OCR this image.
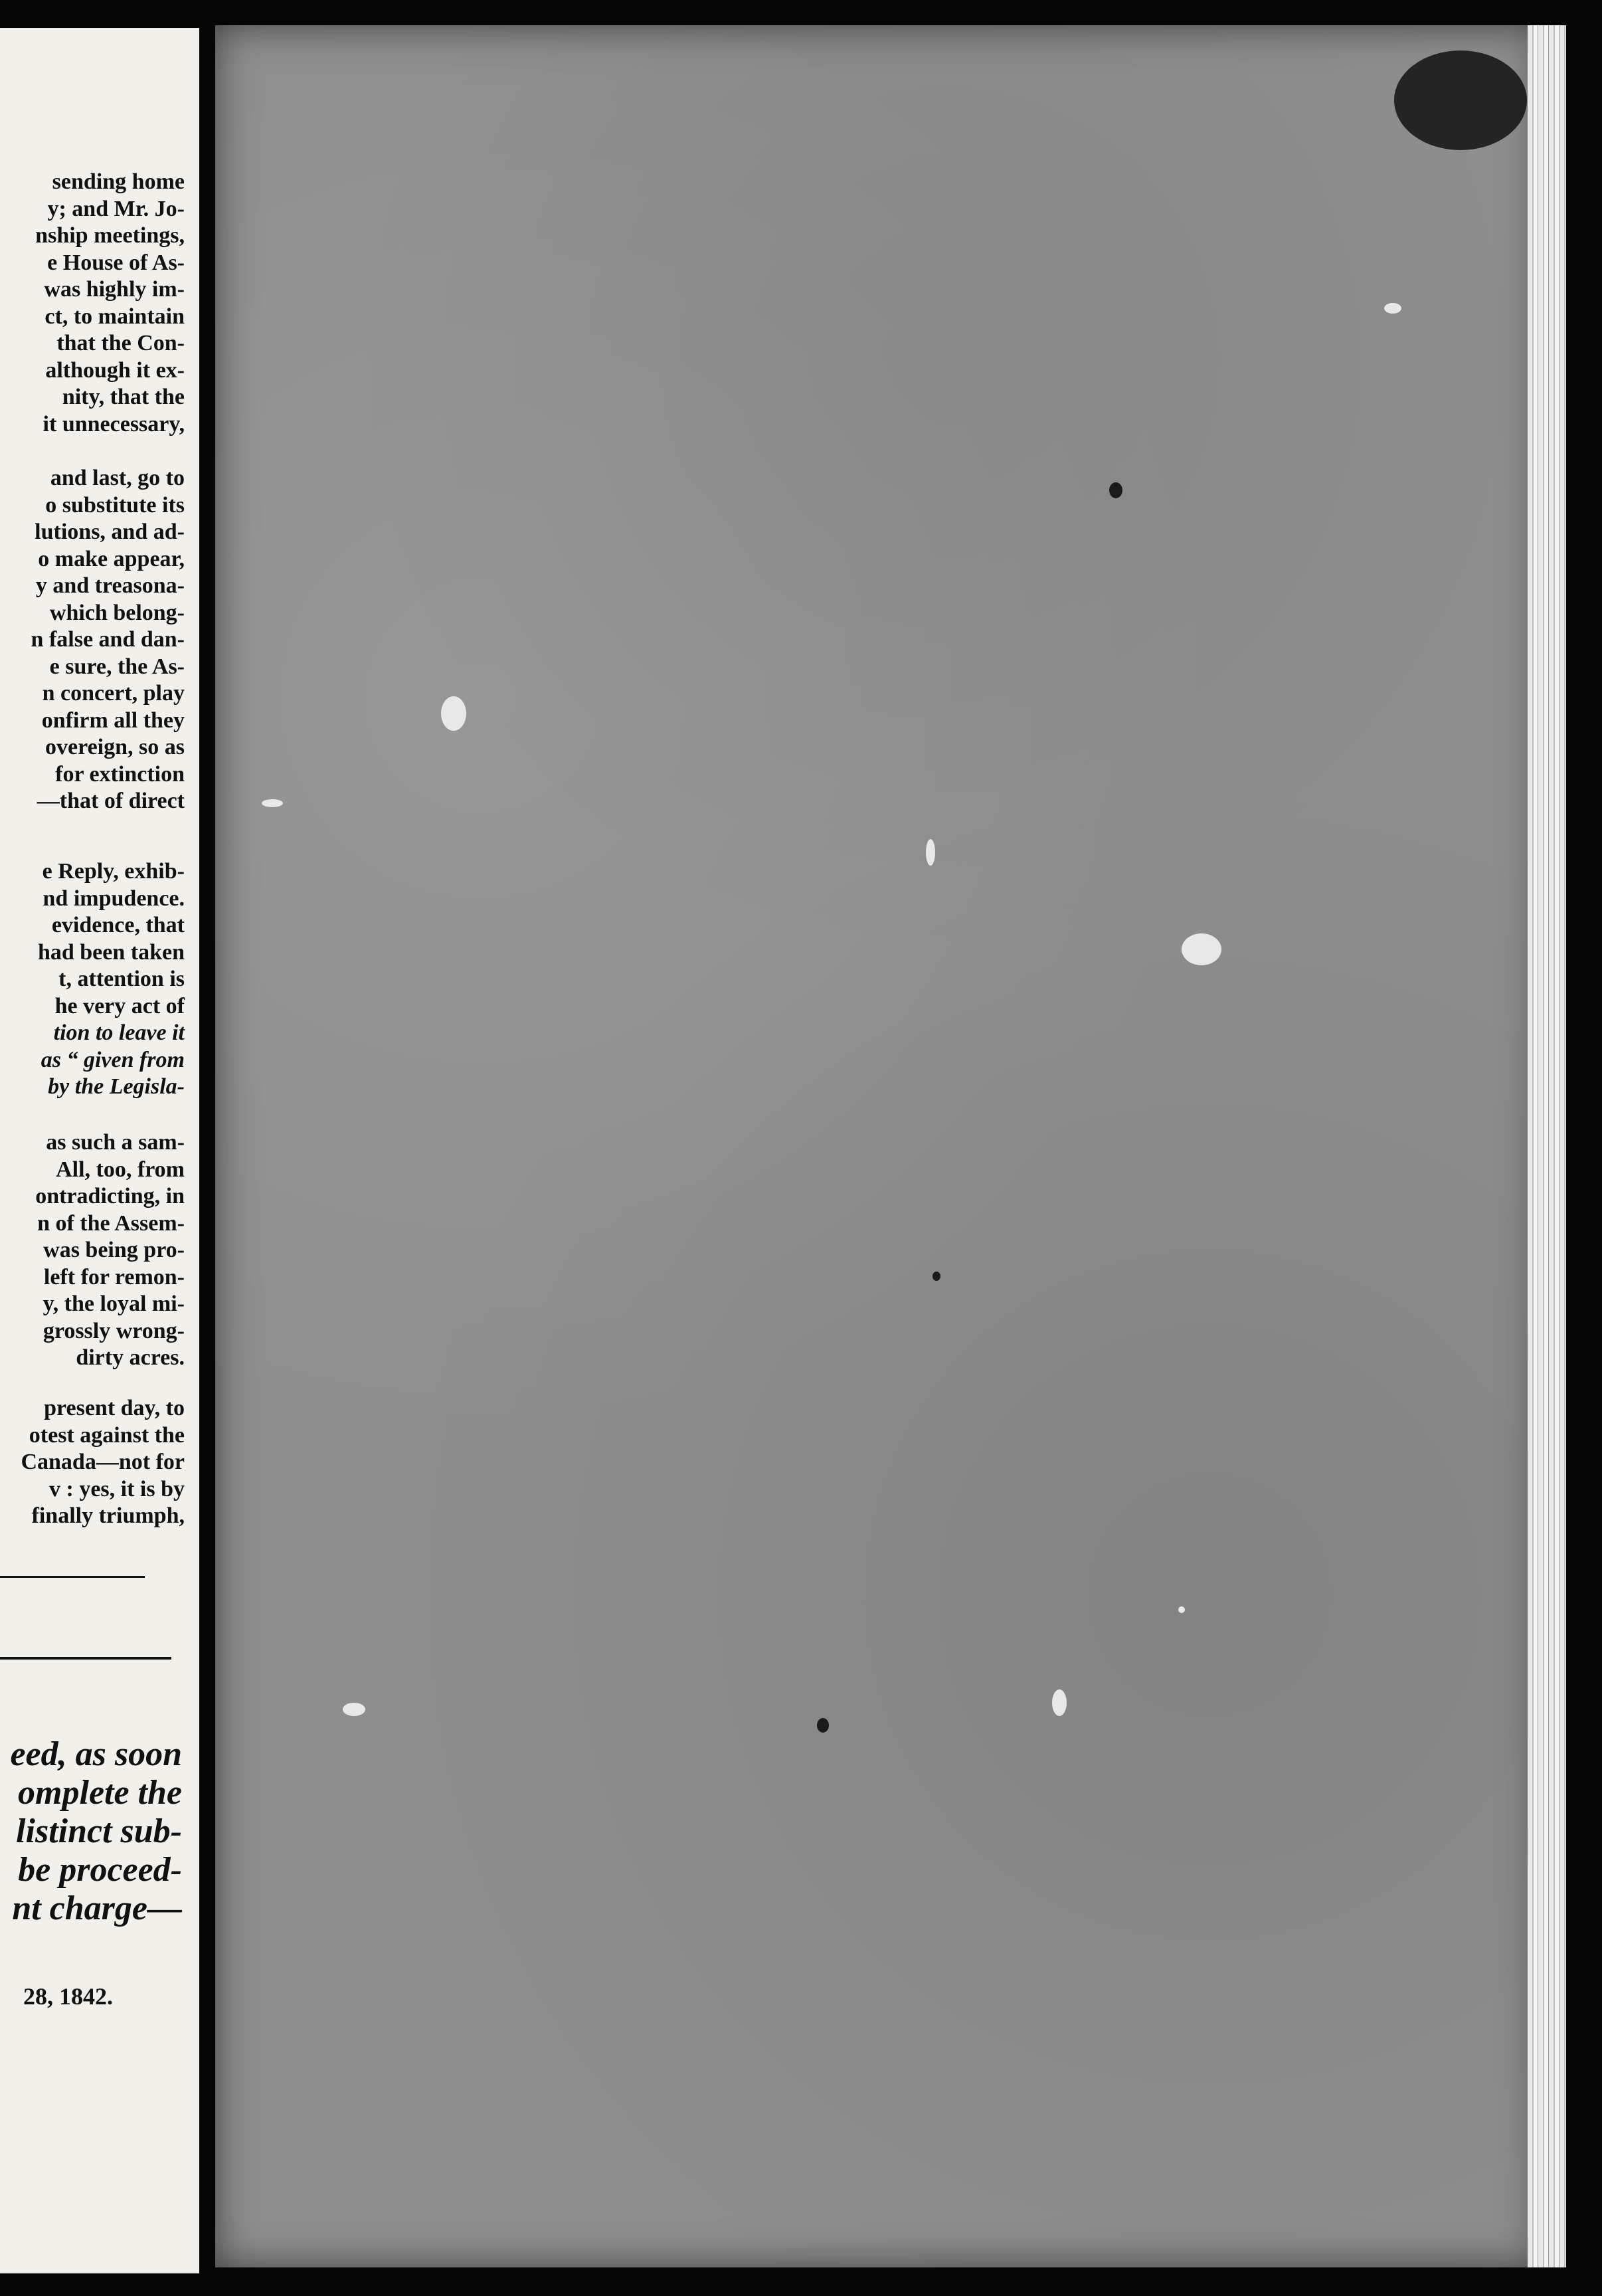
sending home
y; and Mr. Jo-
nship meetings,
e House of As-
was highly im-
ct, to maintain
that the Con-
although it ex-
nity, that the
it unnecessary,
and last, go to
o substitute its
lutions, and ad-
o make appear,
y and treasona-
which belong-
n false and dan-
e sure, the As-
n concert, play
onfirm all they
overeign, so as
for extinction
—that of direct
e Reply, exhib-
nd impudence.
evidence, that
had been taken
t, attention is
he very act of
tion to leave it
as “ given from
by the Legisla-
as such a sam-
All, too, from
ontradicting, in
n of the Assem-
was being pro-
left for remon-
y, the loyal mi-
grossly wrong-
dirty acres.
present day, to
otest against the
Canada—not for
v : yes, it is by
finally triumph,
eed, as soon
omplete the
listinct sub-
be proceed-
nt charge—
28, 1842.
